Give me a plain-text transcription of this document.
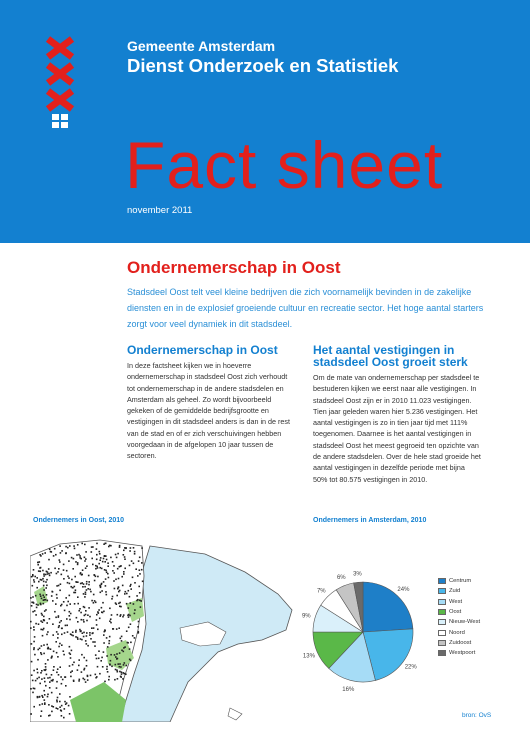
Gemeente Amsterdam
Dienst Onderzoek en Statistiek
Fact sheet
november 2011
Ondernemerschap in Oost
Stadsdeel Oost telt veel kleine bedrijven die zich voornamelijk bevinden in de zakelijke diensten en in de explosief groeiende cultuur en recreatie sector. Het hoge aantal starters zorgt voor veel dynamiek in dit stadsdeel.
Ondernemerschap in Oost

In deze factsheet kijken we in hoeverre ondernemerschap in stadsdeel Oost zich verhoudt tot ondernemerschap in de andere stadsdelen en Amsterdam als geheel. Zo wordt bijvoorbeeld gekeken of de gemiddelde bedrijfsgrootte en vestigingen in dit stadsdeel anders is dan in de rest van de stad en of er zich verschuivingen hebben voorgedaan in de afgelopen 10 jaar tussen de sectoren.

Het aantal vestigingen in stadsdeel Oost groeit sterk

Om de mate van ondernemerschap per stadsdeel te bestuderen kijken we eerst naar alle vestigingen. In stadsdeel Oost zijn er in 2010 11.023 vestigingen. Tien jaar geleden waren hier 5.236 vestigingen. Het aantal vestigingen is zo in tien jaar tijd met 111% toegenomen. Daarnee is het aantal vestigingen in stadsdeel Oost het meest gegroeid ten opzichte van de andere stadsdelen. Over de hele stad groeide het aantal vestigingen in dezelfde periode met bijna 50% tot 80.575 vestigingen in 2010.

Ondernemers in Oost, 2010	Ondernemers in Amsterdam, 2010
24%
22%
16%
13%
9%
7%
6%
3%
Centrum
Zuid
West
Oost
Nieuw-West
Noord
Zuidoost
Westpoort
bron: OvS
